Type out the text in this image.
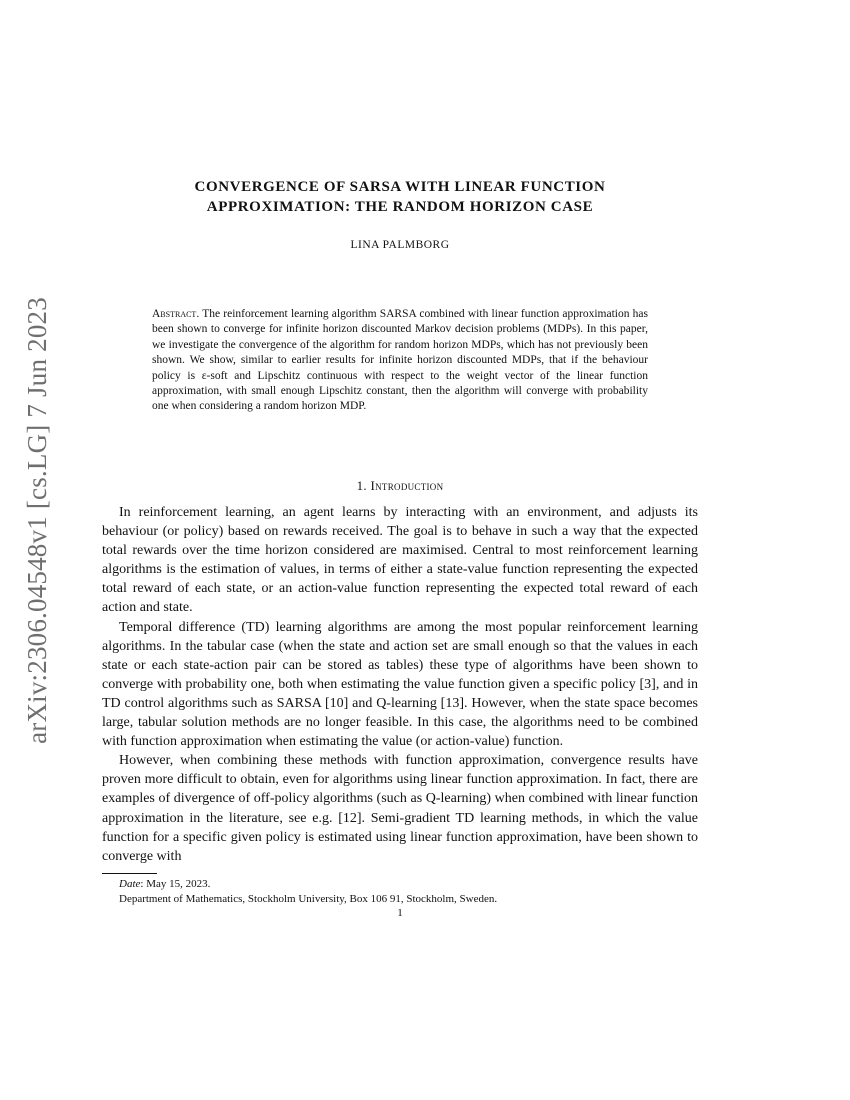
arXiv:2306.04548v1 [cs.LG] 7 Jun 2023
CONVERGENCE OF SARSA WITH LINEAR FUNCTION
APPROXIMATION: THE RANDOM HORIZON CASE
LINA PALMBORG
Abstract. The reinforcement learning algorithm SARSA combined with linear function approximation has been shown to converge for infinite horizon discounted Markov decision problems (MDPs). In this paper, we investigate the convergence of the algorithm for random horizon MDPs, which has not previously been shown. We show, similar to earlier results for infinite horizon discounted MDPs, that if the behaviour policy is ε-soft and Lipschitz continuous with respect to the weight vector of the linear function approximation, with small enough Lipschitz constant, then the algorithm will converge with probability one when considering a random horizon MDP.
1. Introduction

In reinforcement learning, an agent learns by interacting with an environment, and adjusts its behaviour (or policy) based on rewards received. The goal is to behave in such a way that the expected total rewards over the time horizon considered are maximised. Central to most reinforcement learning algorithms is the estimation of values, in terms of either a state-value function representing the expected total reward of each state, or an action-value function representing the expected total reward of each action and state.

Temporal difference (TD) learning algorithms are among the most popular reinforcement learning algorithms. In the tabular case (when the state and action set are small enough so that the values in each state or each state-action pair can be stored as tables) these type of algorithms have been shown to converge with probability one, both when estimating the value function given a specific policy [3], and in TD control algorithms such as SARSA [10] and Q-learning [13]. However, when the state space becomes large, tabular solution methods are no longer feasible. In this case, the algorithms need to be combined with function approximation when estimating the value (or action-value) function.

However, when combining these methods with function approximation, convergence results have proven more difficult to obtain, even for algorithms using linear function approximation. In fact, there are examples of divergence of off-policy algorithms (such as Q-learning) when combined with linear function approximation in the literature, see e.g. [12]. Semi-gradient TD learning methods, in which the value function for a specific given policy is estimated using linear function approximation, have been shown to converge with

Date: May 15, 2023.
Department of Mathematics, Stockholm University, Box 106 91, Stockholm, Sweden.
1
